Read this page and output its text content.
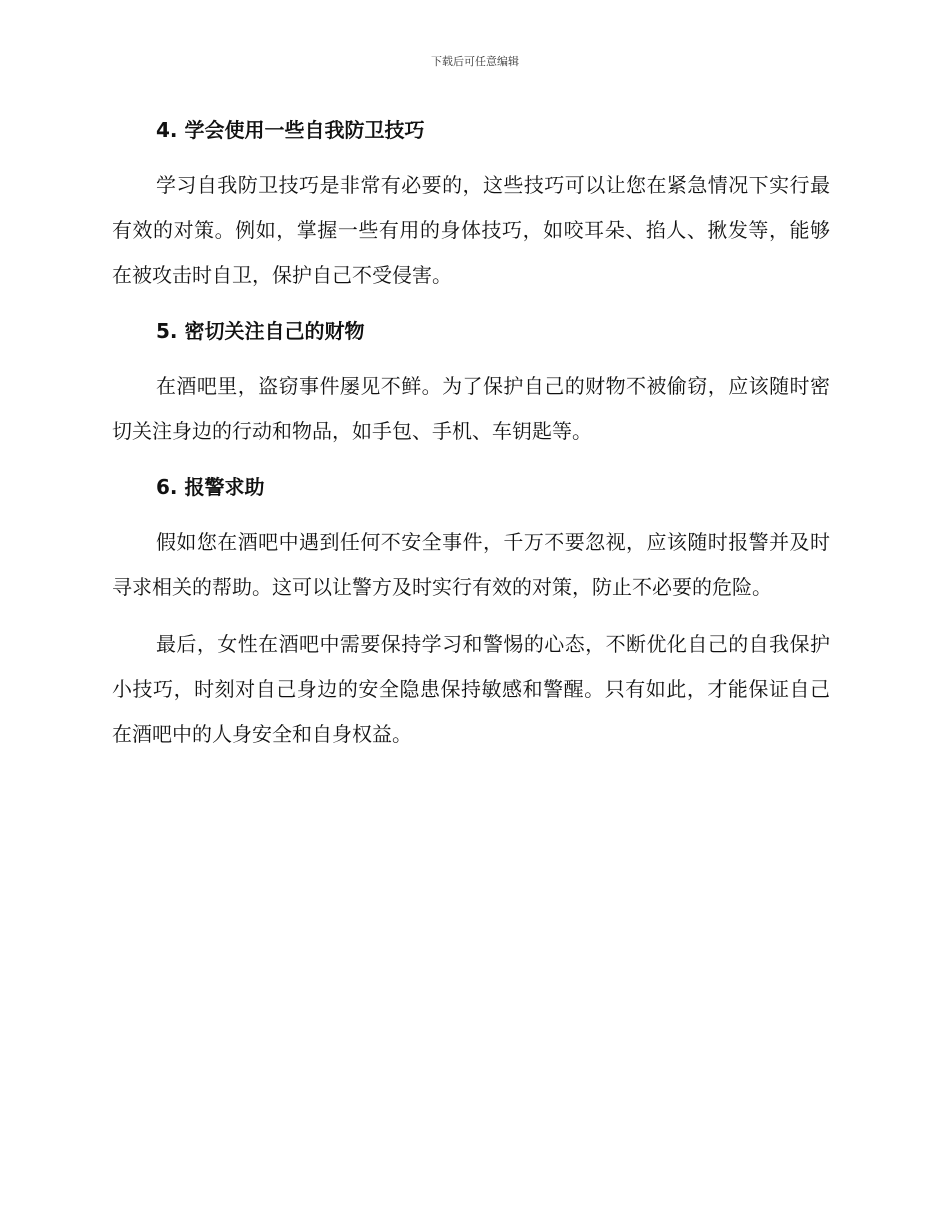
下载后可任意编辑
4. 学会使用一些自我防卫技巧

学习自我防卫技巧是非常有必要的，这些技巧可以让您在紧急情况下实行最有效的对策。例如，掌握一些有用的身体技巧，如咬耳朵、掐人、揪发等，能够在被攻击时自卫，保护自己不受侵害。

5. 密切关注自己的财物

在酒吧里，盗窃事件屡见不鲜。为了保护自己的财物不被偷窃，应该随时密切关注身边的行动和物品，如手包、手机、车钥匙等。

6. 报警求助

假如您在酒吧中遇到任何不安全事件，千万不要忽视，应该随时报警并及时寻求相关的帮助。这可以让警方及时实行有效的对策，防止不必要的危险。

最后，女性在酒吧中需要保持学习和警惕的心态，不断优化自己的自我保护小技巧，时刻对自己身边的安全隐患保持敏感和警醒。只有如此，才能保证自己在酒吧中的人身安全和自身权益。
